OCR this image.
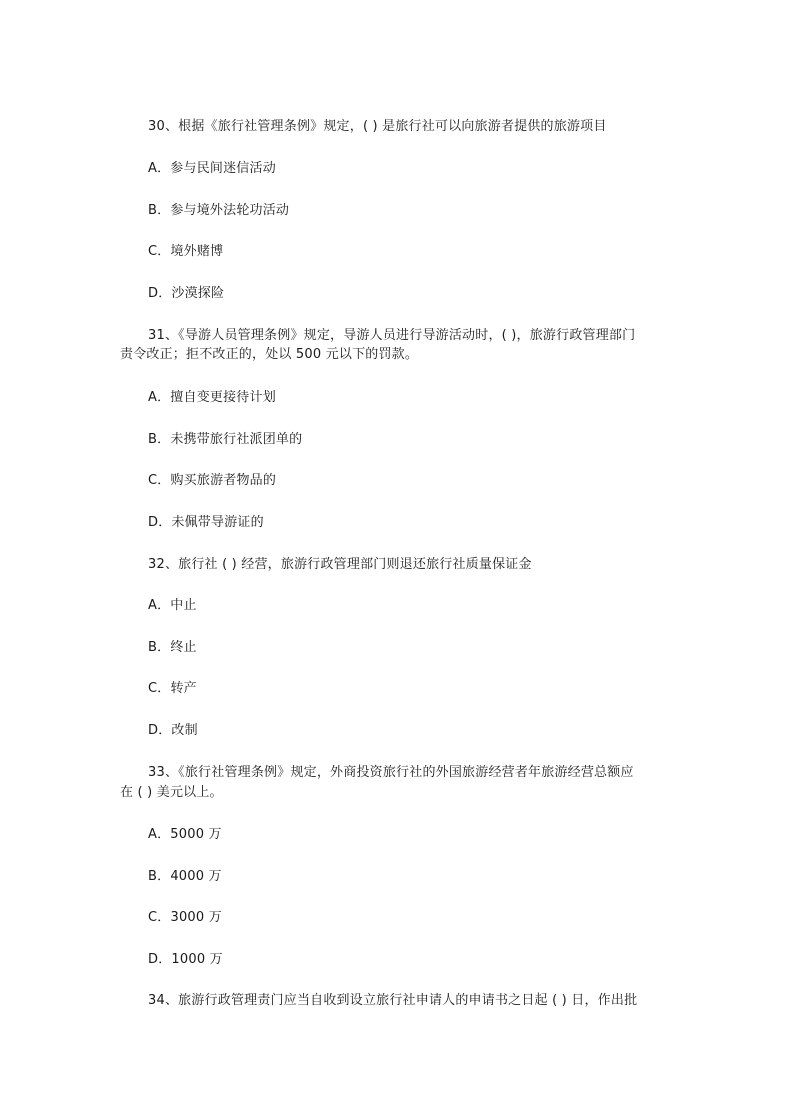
30、根据《旅行社管理条例》规定，( ) 是旅行社可以向旅游者提供的旅游项目
A．参与民间迷信活动
B．参与境外法轮功活动
C．境外赌博
D．沙漠探险
31、《导游人员管理条例》规定，导游人员进行导游活动时，( )，旅游行政管理部门
责令改正；拒不改正的，处以 500 元以下的罚款。
A．擅自变更接待计划
B．未携带旅行社派团单的
C．购买旅游者物品的
D．未佩带导游证的
32、旅行社 ( ) 经营，旅游行政管理部门则退还旅行社质量保证金
A．中止
B．终止
C．转产
D．改制
33、《旅行社管理条例》规定，外商投资旅行社的外国旅游经营者年旅游经营总额应
在 ( ) 美元以上。
A．5000 万
B．4000 万
C．3000 万
D．1000 万
34、旅游行政管理责门应当自收到设立旅行社申请人的申请书之日起 ( ) 日，作出批
